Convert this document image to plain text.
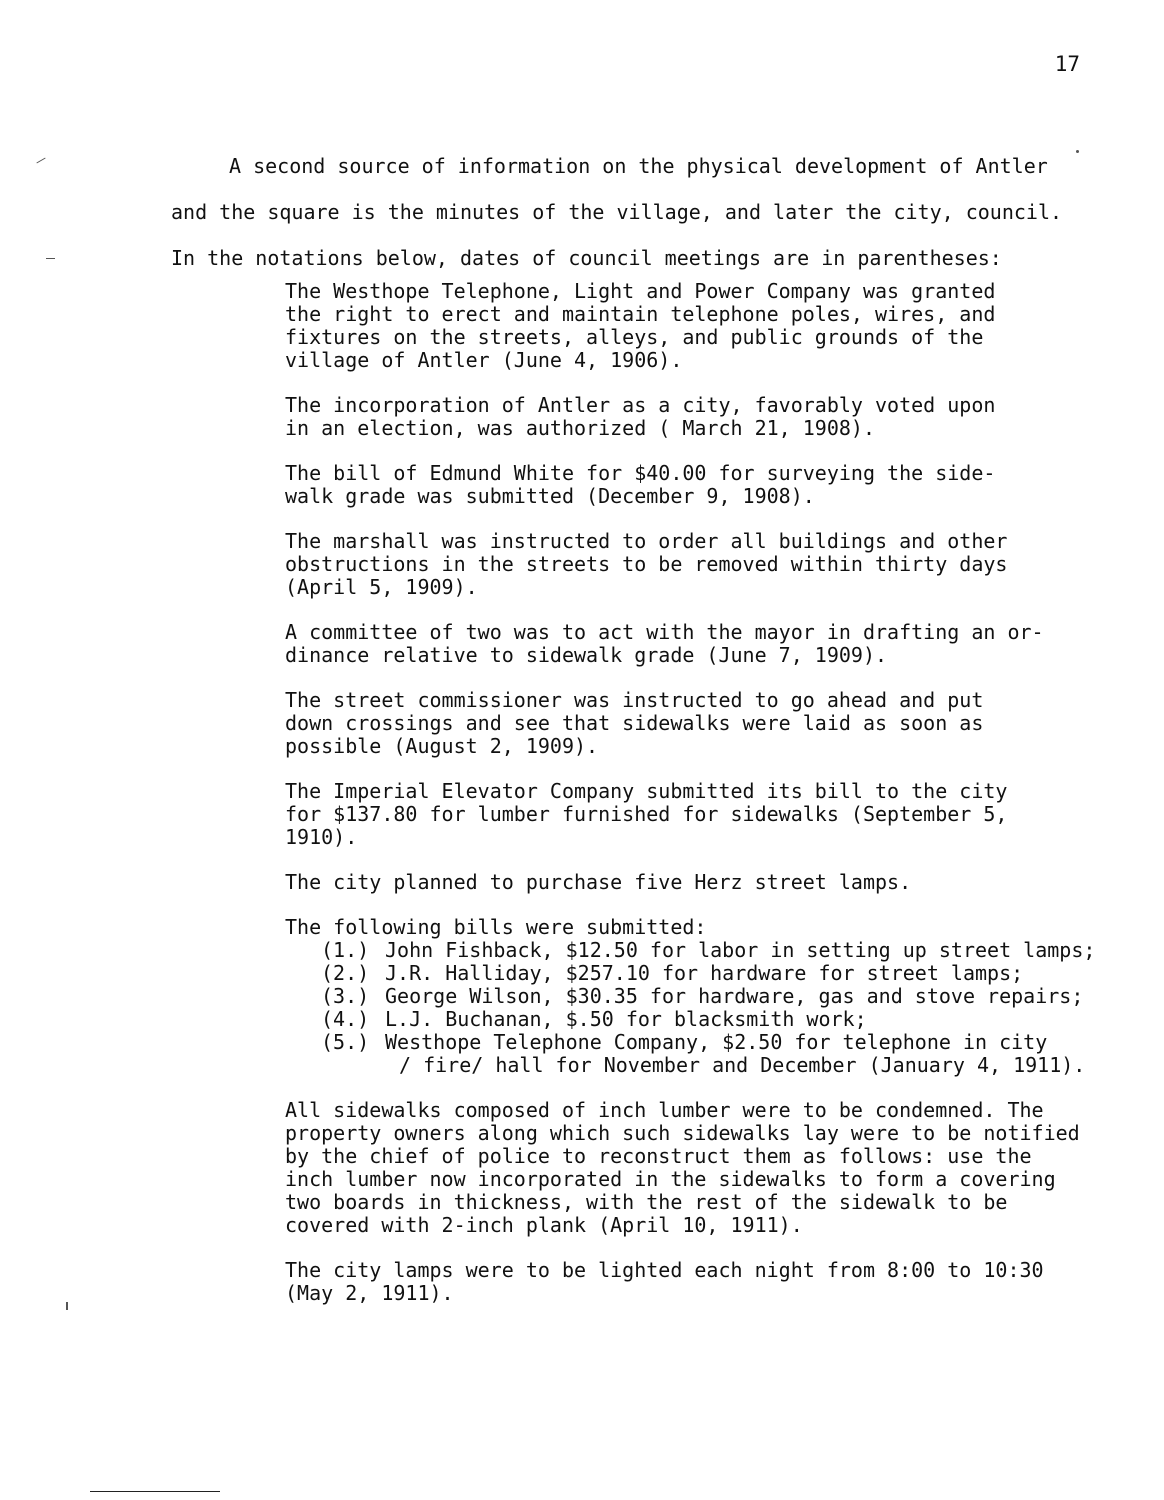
17
A second source of information on the physical development of Antler
and the square is the minutes of the village, and later the city, council.
In the notations below, dates of council meetings are in parentheses:
The Westhope Telephone, Light and Power Company was granted
the right to erect and maintain telephone poles, wires, and
fixtures on the streets, alleys, and public grounds of the
village of Antler (June 4, 1906).
The incorporation of Antler as a city, favorably voted upon
in an election, was authorized ( March 21, 1908).
The bill of Edmund White for $40.00 for surveying the side-
walk grade was submitted (December 9, 1908).
The marshall was instructed to order all buildings and other
obstructions in the streets to be removed within thirty days
(April 5, 1909).
A committee of two was to act with the mayor in drafting an or-
dinance relative to sidewalk grade (June 7, 1909).
The street commissioner was instructed to go ahead and put
down crossings and see that sidewalks were laid as soon as
possible (August 2, 1909).
The Imperial Elevator Company submitted its bill to the city
for $137.80 for lumber furnished for sidewalks (September 5,
1910).
The city planned to purchase five Herz street lamps.
The following bills were submitted:
(1.) John Fishback, $12.50 for labor in setting up street lamps;
(2.) J.R. Halliday, $257.10 for hardware for street lamps;
(3.) George Wilson, $30.35 for hardware, gas and stove repairs;
(4.) L.J. Buchanan, $.50 for blacksmith work;
(5.) Westhope Telephone Company, $2.50 for telephone in city
/ fire/ hall for November and December (January 4, 1911).
All sidewalks composed of inch lumber were to be condemned. The
property owners along which such sidewalks lay were to be notified
by the chief of police to reconstruct them as follows: use the
inch lumber now incorporated in the sidewalks to form a covering
two boards in thickness, with the rest of the sidewalk to be
covered with 2-inch plank (April 10, 1911).
The city lamps were to be lighted each night from 8:00 to 10:30
(May 2, 1911).
